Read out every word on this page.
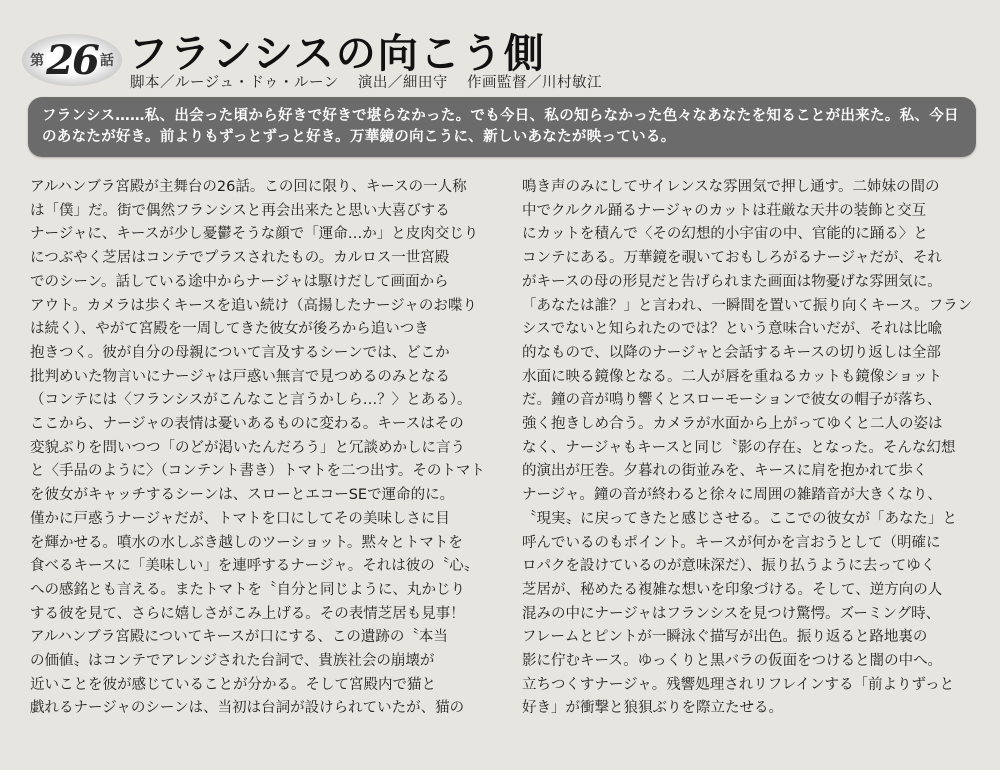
第 26 話 フランシスの向こう側
脚本／ルージュ・ドゥ・ルーン 演出／細田守 作画監督／川村敏江

フランシス……私、出会った頃から好きで好きで堪らなかった。でも今日、私の知らなかった色々なあなたを知ることが出来た。私、今日のあなたが好き。前よりもずっとずっと好き。万華鏡の向こうに、新しいあなたが映っている。

アルハンブラ宮殿が主舞台の26話。この回に限り、キースの一人称
は「僕」だ。街で偶然フランシスと再会出来たと思い大喜びする
ナージャに、キースが少し憂鬱そうな顔で「運命…か」と皮肉交じり
につぶやく芝居はコンテでプラスされたもの。カルロス一世宮殿
でのシーン。話している途中からナージャは駆けだして画面から
アウト。カメラは歩くキースを追い続け（高揚したナージャのお喋り
は続く）、やがて宮殿を一周してきた彼女が後ろから追いつき
抱きつく。彼が自分の母親について言及するシーンでは、どこか
批判めいた物言いにナージャは戸惑い無言で見つめるのみとなる
（コンテには〈フランシスがこんなこと言うかしら…？〉とある）。
ここから、ナージャの表情は憂いあるものに変わる。キースはその
変貌ぶりを問いつつ「のどが渇いたんだろう」と冗談めかしに言う
と〈手品のように〉（コンテント書き）トマトを二つ出す。そのトマト
を彼女がキャッチするシーンは、スローとエコーSEで運命的に。
僅かに戸惑うナージャだが、トマトを口にしてその美味しさに目
を輝かせる。噴水の水しぶき越しのツーショット。黙々とトマトを
食べるキースに「美味しい」を連呼するナージャ。それは彼の〝心〟
への感銘とも言える。またトマトを〝自分と同じように、丸かじり
する彼を見て、さらに嬉しさがこみ上げる。その表情芝居も見事！
アルハンブラ宮殿についてキースが口にする、この遺跡の〝本当
の価値〟はコンテでアレンジされた台詞で、貴族社会の崩壊が
近いことを彼が感じていることが分かる。そして宮殿内で猫と
戯れるナージャのシーンは、当初は台詞が設けられていたが、猫の
鳴き声のみにしてサイレンスな雰囲気で押し通す。二姉妹の間の
中でクルクル踊るナージャのカットは荘厳な天井の装飾と交互
にカットを積んで〈その幻想的小宇宙の中、官能的に踊る〉と
コンテにある。万華鏡を覗いておもしろがるナージャだが、それ
がキースの母の形見だと告げられまた画面は物憂げな雰囲気に。
「あなたは誰？」と言われ、一瞬間を置いて振り向くキース。フラン
シスでないと知られたのでは？という意味合いだが、それは比喩
的なもので、以降のナージャと会話するキースの切り返しは全部
水面に映る鏡像となる。二人が唇を重ねるカットも鏡像ショット
だ。鐘の音が鳴り響くとスローモーションで彼女の帽子が落ち、
強く抱きしめ合う。カメラが水面から上がってゆくと二人の姿は
なく、ナージャもキースと同じ〝影の存在〟となった。そんな幻想
的演出が圧巻。夕暮れの街並みを、キースに肩を抱かれて歩く
ナージャ。鐘の音が終わると徐々に周囲の雑踏音が大きくなり、
〝現実〟に戻ってきたと感じさせる。ここでの彼女が「あなた」と
呼んでいるのもポイント。キースが何かを言おうとして（明確に
ロパクを設けているのが意味深だ）、振り払うように去ってゆく
芝居が、秘めたる複雑な想いを印象づける。そして、逆方向の人
混みの中にナージャはフランシスを見つけ驚愕。ズーミング時、
フレームとピントが一瞬泳ぐ描写が出色。振り返ると路地裏の
影に佇むキース。ゆっくりと黒バラの仮面をつけると闇の中へ。
立ちつくすナージャ。残響処理されリフレインする「前よりずっと
好き」が衝撃と狼狽ぶりを際立たせる。
